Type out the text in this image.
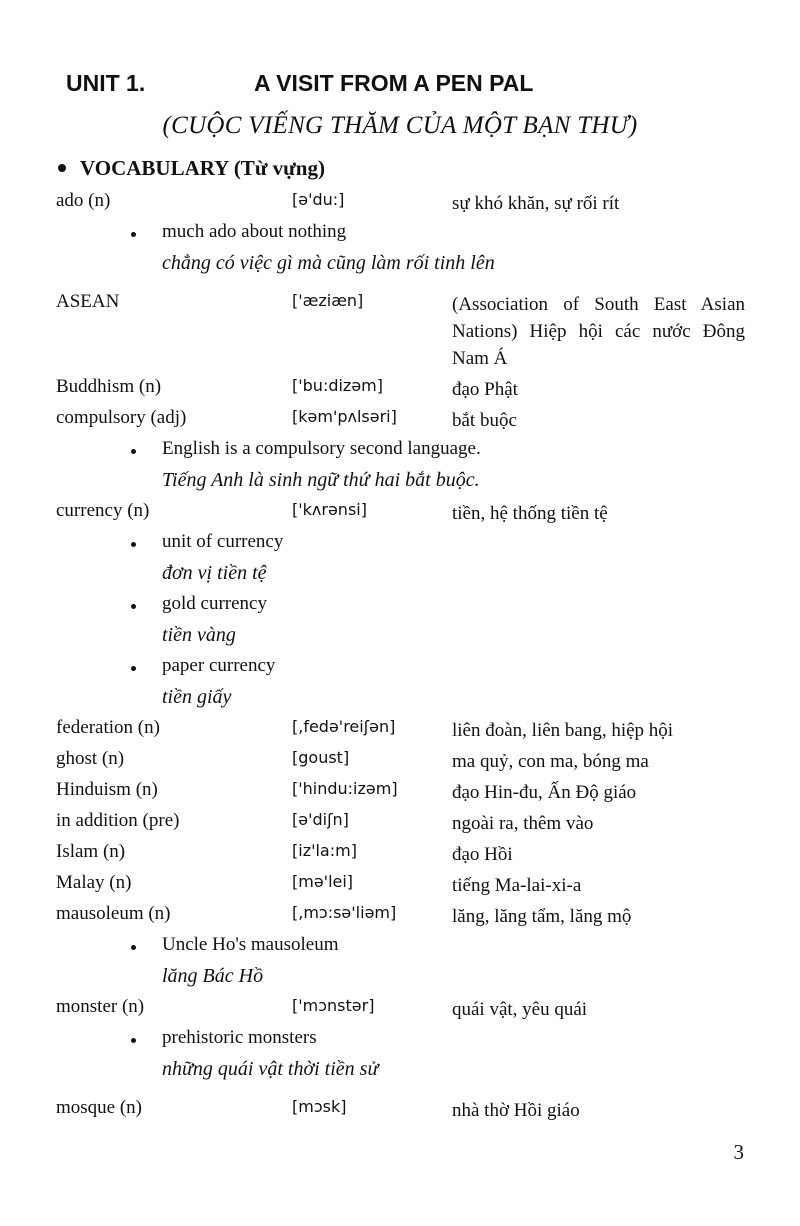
UNIT 1.	A VISIT FROM A PEN PAL
(CUỘC VIẾNG THĂM CỦA MỘT BẠN THƯ)
VOCABULARY (Từ vựng)
ado (n)	[ə'du:]	sự khó khăn, sự rối rít
much ado about nothing
chẳng có việc gì mà cũng làm rối tinh lên
ASEAN	['æziæn]	(Association of South East Asian Nations) Hiệp hội các nước Đông Nam Á
Buddhism (n)	['bu:dizəm]	đạo Phật
compulsory (adj)	[kəm'pʌlsəri]	bắt buộc
English is a compulsory second language.
Tiếng Anh là sinh ngữ thứ hai bắt buộc.
currency (n)	['kʌrənsi]	tiền, hệ thống tiền tệ
unit of currency
đơn vị tiền tệ
gold currency
tiền vàng
paper currency
tiền giấy
federation (n)	[,fedə'reiʃən]	liên đoàn, liên bang, hiệp hội
ghost (n)	[goust]	ma quỷ, con ma, bóng ma
Hinduism (n)	['hindu:izəm]	đạo Hin-đu, Ấn Độ giáo
in addition (pre)	[ə'diʃn]	ngoài ra, thêm vào
Islam (n)	[iz'la:m]	đạo Hồi
Malay (n)	[mə'lei]	tiếng Ma-lai-xi-a
mausoleum (n)	[,mɔ:sə'liəm]	lăng, lăng tẩm, lăng mộ
Uncle Ho's mausoleum
lăng Bác Hồ
monster (n)	['mɔnstər]	quái vật, yêu quái
prehistoric monsters
những quái vật thời tiền sử
mosque (n)	[mɔsk]	nhà thờ Hồi giáo
3
